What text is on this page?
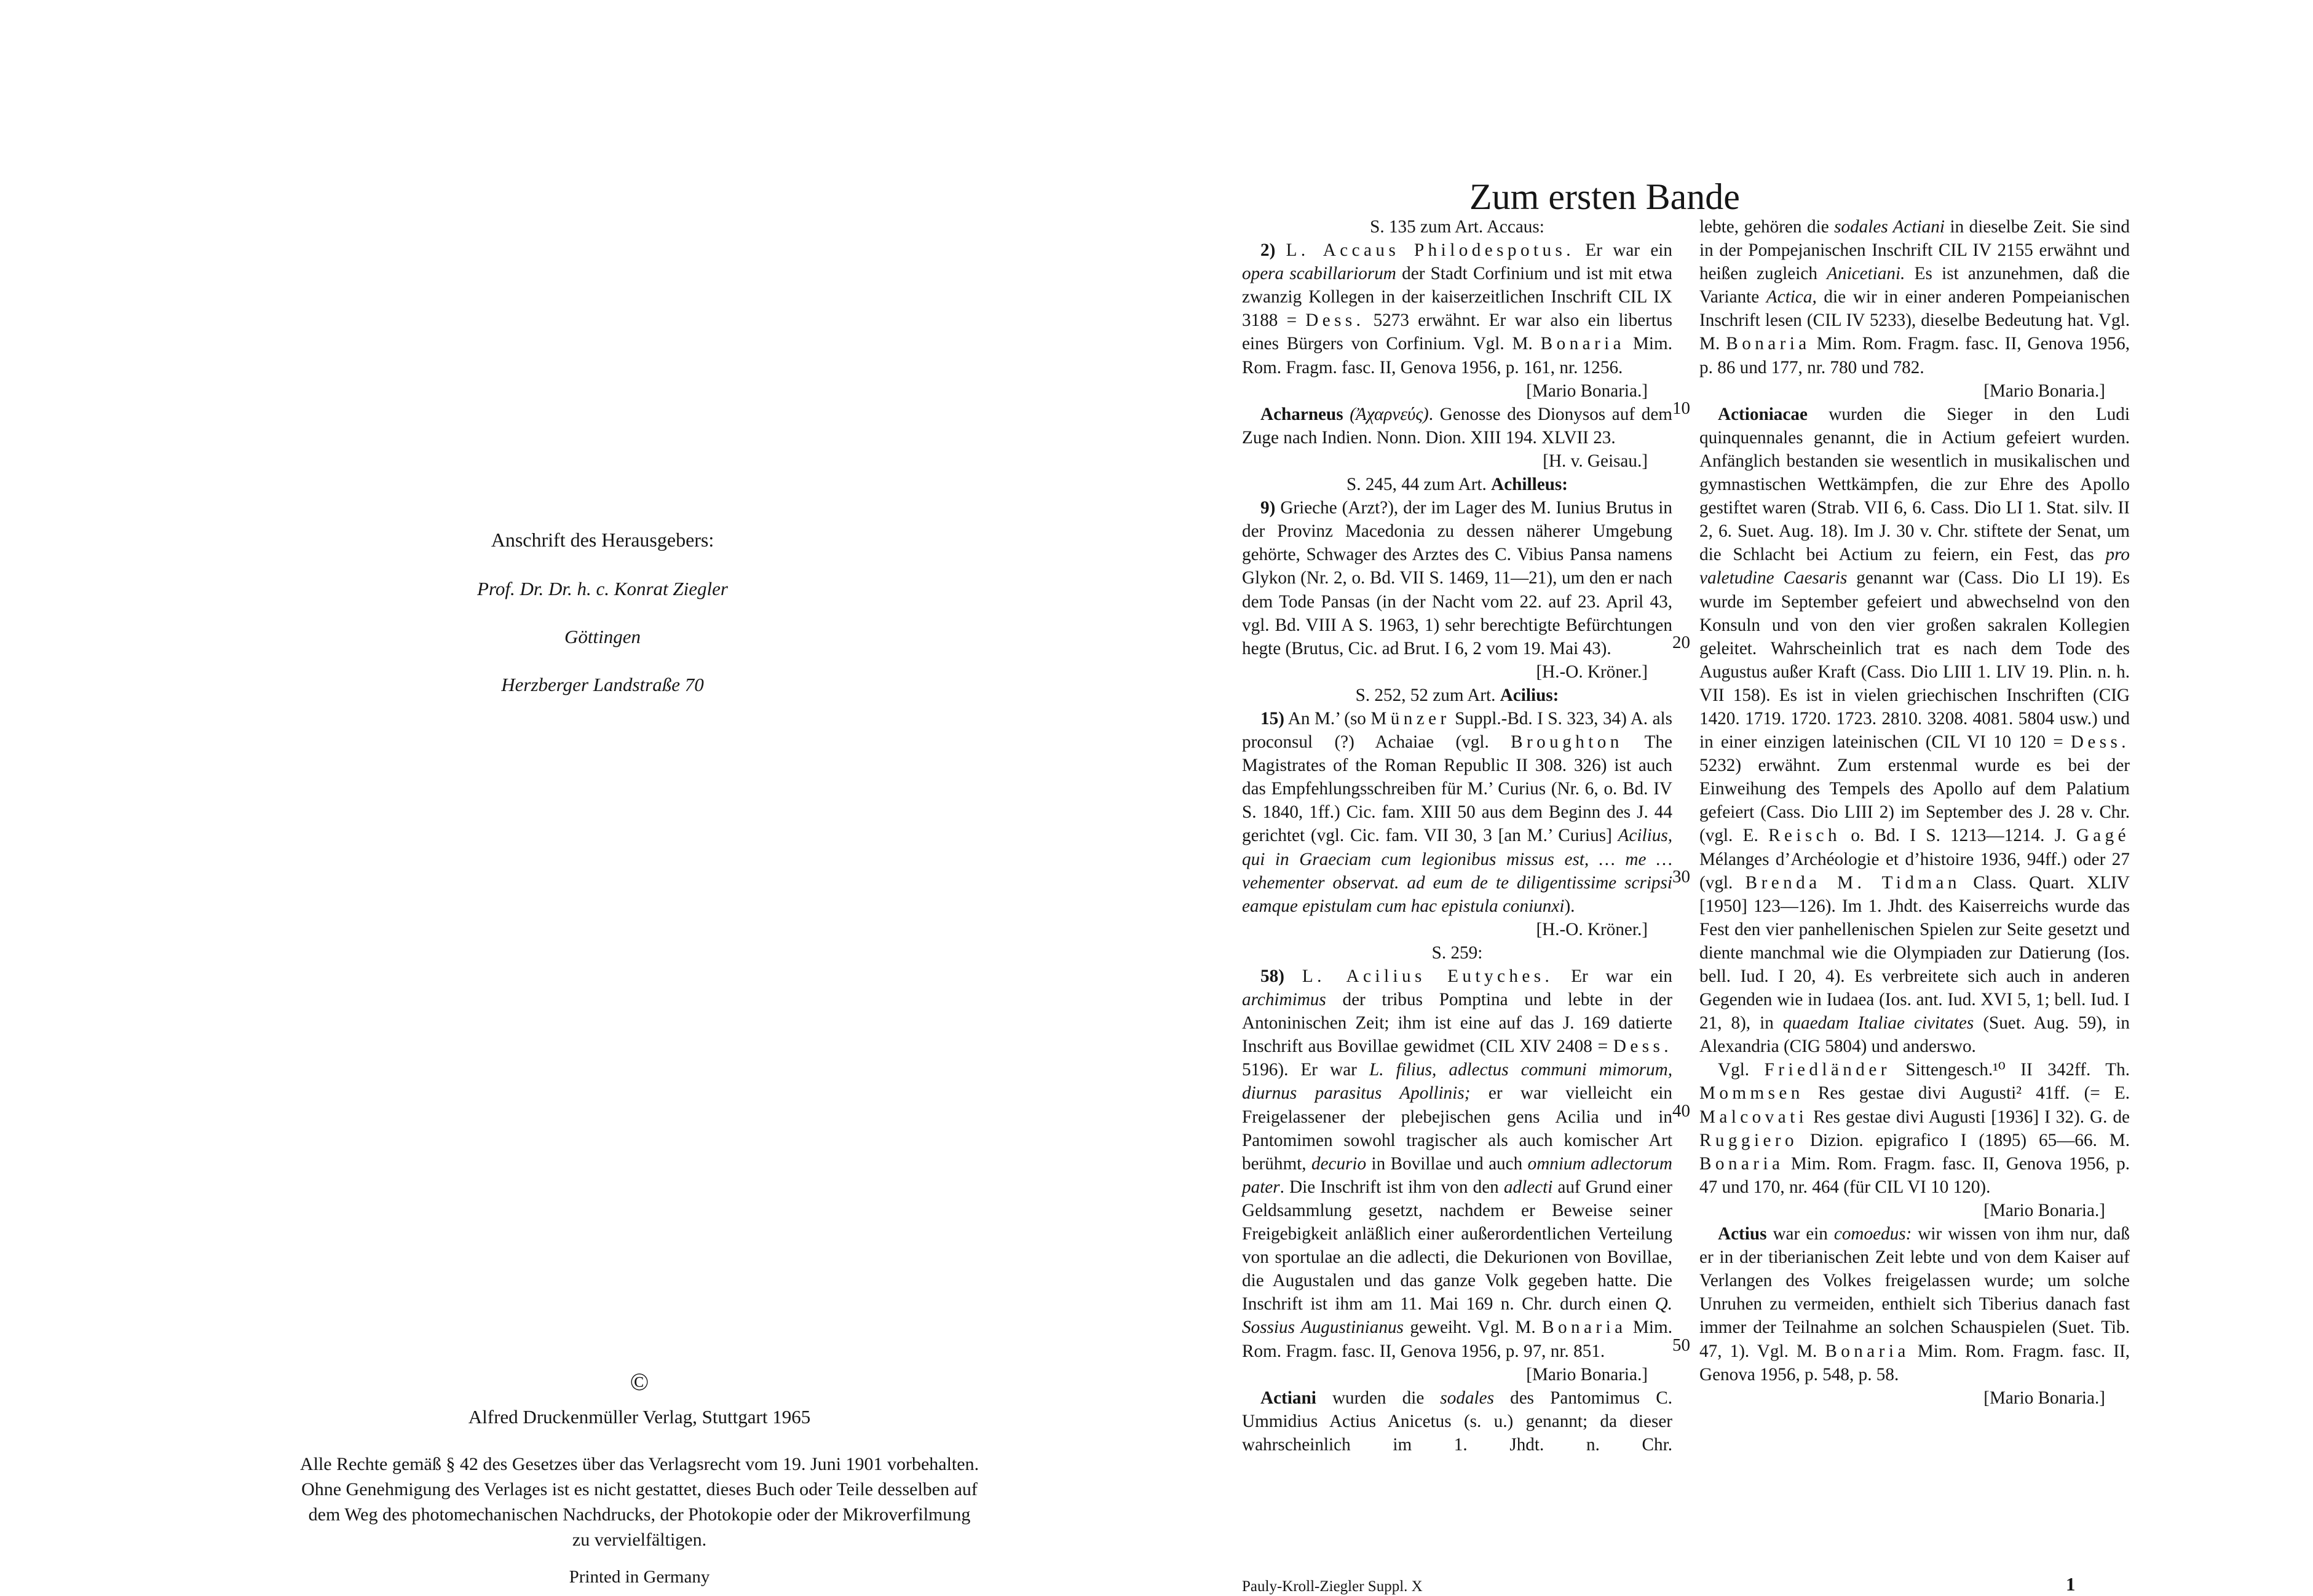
Anschrift des Herausgebers:

Prof. Dr. Dr. h. c. Konrat Ziegler

Göttingen

Herzberger Landstraße 70

©

Alfred Druckenmüller Verlag, Stuttgart 1965

Alle Rechte gemäß § 42 des Gesetzes über das Verlagsrecht vom 19. Juni 1901 vorbehalten.
Ohne Genehmigung des Verlages ist es nicht gestattet, dieses Buch oder Teile desselben auf
dem Weg des photomechanischen Nachdrucks, der Photokopie oder der Mikroverfilmung
zu vervielfältigen.

Printed in Germany

Zum ersten Bande

S. 135 zum Art. Accaus:

2) L. Accaus Philodespotus. Er war ein opera scabillariorum der Stadt Corfinium und ist mit etwa zwanzig Kollegen in der kaiserzeitlichen Inschrift CIL IX 3188 = Dess. 5273 erwähnt. Er war also ein libertus eines Bürgers von Corfinium. Vgl. M. Bonaria Mim. Rom. Fragm. fasc. II, Genova 1956, p. 161, nr. 1256.

[Mario Bonaria.]

Acharneus (Ἀχαρνεύς). Genosse des Dionysos auf dem Zuge nach Indien. Nonn. Dion. XIII 194. XLVII 23.

[H. v. Geisau.]

S. 245, 44 zum Art. Achilleus:

9) Grieche (Arzt?), der im Lager des M. Iunius Brutus in der Provinz Macedonia zu dessen näherer Umgebung gehörte, Schwager des Arztes des C. Vibius Pansa namens Glykon (Nr. 2, o. Bd. VII S. 1469, 11—21), um den er nach dem Tode Pansas (in der Nacht vom 22. auf 23. April 43, vgl. Bd. VIII A S. 1963, 1) sehr berechtigte Befürchtungen hegte (Brutus, Cic. ad Brut. I 6, 2 vom 19. Mai 43).

[H.-O. Kröner.]

S. 252, 52 zum Art. Acilius:

15) An M.’ (so Münzer Suppl.-Bd. I S. 323, 34) A. als proconsul (?) Achaiae (vgl. Broughton The Magistrates of the Roman Republic II 308. 326) ist auch das Empfehlungsschreiben für M.’ Curius (Nr. 6, o. Bd. IV S. 1840, 1ff.) Cic. fam. XIII 50 aus dem Beginn des J. 44 gerichtet (vgl. Cic. fam. VII 30, 3 [an M.’ Curius] Acilius, qui in Graeciam cum legionibus missus est, … me … vehementer observat. ad eum de te diligentissime scripsi eamque epistulam cum hac epistula coniunxi).

[H.-O. Kröner.]

S. 259:

58) L. Acilius Eutyches. Er war ein archimimus der tribus Pomptina und lebte in der Antoninischen Zeit; ihm ist eine auf das J. 169 datierte Inschrift aus Bovillae gewidmet (CIL XIV 2408 = Dess. 5196). Er war L. filius, adlectus communi mimorum, diurnus parasitus Apollinis; er war vielleicht ein Freigelassener der plebejischen gens Acilia und in Pantomimen sowohl tragischer als auch komischer Art berühmt, decurio in Bovillae und auch omnium adlectorum pater. Die Inschrift ist ihm von den adlecti auf Grund einer Geldsammlung gesetzt, nachdem er Beweise seiner Freigebigkeit anläßlich einer außerordentlichen Verteilung von sportulae an die adlecti, die Dekurionen von Bovillae, die Augustalen und das ganze Volk gegeben hatte. Die Inschrift ist ihm am 11. Mai 169 n. Chr. durch einen Q. Sossius Augustinianus geweiht. Vgl. M. Bonaria Mim. Rom. Fragm. fasc. II, Genova 1956, p. 97, nr. 851.

[Mario Bonaria.]

Actiani wurden die sodales des Pantomimus C. Ummidius Actius Anicetus (s. u.) genannt; da dieser wahrscheinlich im 1. Jhdt. n. Chr.

10
20
30
40
50

lebte, gehören die sodales Actiani in dieselbe Zeit. Sie sind in der Pompejanischen Inschrift CIL IV 2155 erwähnt und heißen zugleich Anicetiani. Es ist anzunehmen, daß die Variante Actica, die wir in einer anderen Pompeianischen Inschrift lesen (CIL IV 5233), dieselbe Bedeutung hat. Vgl. M. Bonaria Mim. Rom. Fragm. fasc. II, Genova 1956, p. 86 und 177, nr. 780 und 782.

[Mario Bonaria.]

Actioniacae wurden die Sieger in den Ludi quinquennales genannt, die in Actium gefeiert wurden. Anfänglich bestanden sie wesentlich in musikalischen und gymnastischen Wettkämpfen, die zur Ehre des Apollo gestiftet waren (Strab. VII 6, 6. Cass. Dio LI 1. Stat. silv. II 2, 6. Suet. Aug. 18). Im J. 30 v. Chr. stiftete der Senat, um die Schlacht bei Actium zu feiern, ein Fest, das pro valetudine Caesaris genannt war (Cass. Dio LI 19). Es wurde im September gefeiert und abwechselnd von den Konsuln und von den vier großen sakralen Kollegien geleitet. Wahrscheinlich trat es nach dem Tode des Augustus außer Kraft (Cass. Dio LIII 1. LIV 19. Plin. n. h. VII 158). Es ist in vielen griechischen Inschriften (CIG 1420. 1719. 1720. 1723. 2810. 3208. 4081. 5804 usw.) und in einer einzigen lateinischen (CIL VI 10 120 = Dess. 5232) erwähnt. Zum erstenmal wurde es bei der Einweihung des Tempels des Apollo auf dem Palatium gefeiert (Cass. Dio LIII 2) im September des J. 28 v. Chr. (vgl. E. Reisch o. Bd. I S. 1213—1214. J. Gagé Mélanges d’Archéologie et d’histoire 1936, 94ff.) oder 27 (vgl. Brenda M. Tidman Class. Quart. XLIV [1950] 123—126). Im 1. Jhdt. des Kaiserreichs wurde das Fest den vier panhellenischen Spielen zur Seite gesetzt und diente manchmal wie die Olympiaden zur Datierung (Ios. bell. Iud. I 20, 4). Es verbreitete sich auch in anderen Gegenden wie in Iudaea (Ios. ant. Iud. XVI 5, 1; bell. Iud. I 21, 8), in quaedam Italiae civitates (Suet. Aug. 59), in Alexandria (CIG 5804) und anderswo.

Vgl. Friedländer Sittengesch.¹⁰ II 342ff. Th. Mommsen Res gestae divi Augusti² 41ff. (= E. Malcovati Res gestae divi Augusti [1936] I 32). G. de Ruggiero Dizion. epigrafico I (1895) 65—66. M. Bonaria Mim. Rom. Fragm. fasc. II, Genova 1956, p. 47 und 170, nr. 464 (für CIL VI 10 120).

[Mario Bonaria.]

Actius war ein comoedus: wir wissen von ihm nur, daß er in der tiberianischen Zeit lebte und von dem Kaiser auf Verlangen des Volkes freigelassen wurde; um solche Unruhen zu vermeiden, enthielt sich Tiberius danach fast immer der Teilnahme an solchen Schauspielen (Suet. Tib. 47, 1). Vgl. M. Bonaria Mim. Rom. Fragm. fasc. II, Genova 1956, p. 548, p. 58.

[Mario Bonaria.]

Pauly-Kroll-Ziegler Suppl. X	1
